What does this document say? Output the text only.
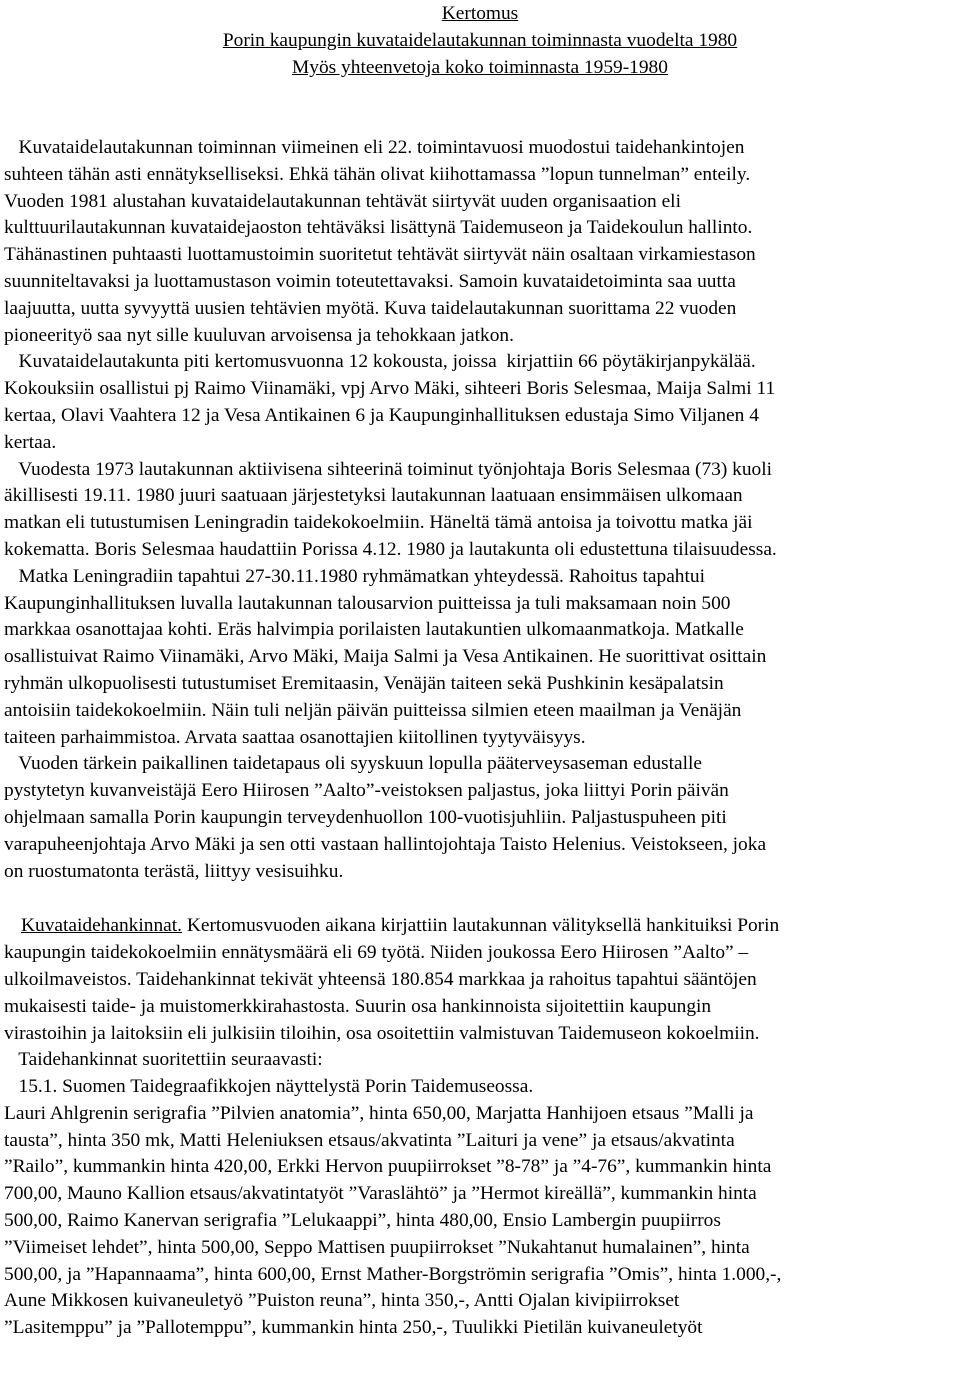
Kertomus
Porin kaupungin kuvataidelautakunnan toiminnasta vuodelta 1980
Myös yhteenvetoja koko toiminnasta 1959-1980
Kuvataidelautakunnan toiminnan viimeinen eli 22. toimintavuosi muodostui taidehankintojen
suhteen tähän asti ennätykselliseksi. Ehkä tähän olivat kiihottamassa ”lopun tunnelman” enteily.
Vuoden 1981 alustahan kuvataidelautakunnan tehtävät siirtyvät uuden organisaation eli
kulttuurilautakunnan kuvataidejaoston tehtäväksi lisättynä Taidemuseon ja Taidekoulun hallinto.
Tähänastinen puhtaasti luottamustoimin suoritetut tehtävät siirtyvät näin osaltaan virkamiestason
suunniteltavaksi ja luottamustason voimin toteutettavaksi. Samoin kuvataidetoiminta saa uutta
laajuutta, uutta syvyyttä uusien tehtävien myötä. Kuva taidelautakunnan suorittama 22 vuoden
pioneerityö saa nyt sille kuuluvan arvoisensa ja tehokkaan jatkon.
Kuvataidelautakunta piti kertomusvuonna 12 kokousta, joissa  kirjattiin 66 pöytäkirjanpykälää.
Kokouksiin osallistui pj Raimo Viinamäki, vpj Arvo Mäki, sihteeri Boris Selesmaa, Maija Salmi 11
kertaa, Olavi Vaahtera 12 ja Vesa Antikainen 6 ja Kaupunginhallituksen edustaja Simo Viljanen 4
kertaa.
Vuodesta 1973 lautakunnan aktiivisena sihteerinä toiminut työnjohtaja Boris Selesmaa (73) kuoli
äkillisesti 19.11. 1980 juuri saatuaan järjestetyksi lautakunnan laatuaan ensimmäisen ulkomaan
matkan eli tutustumisen Leningradin taidekokoelmiin. Häneltä tämä antoisa ja toivottu matka jäi
kokematta. Boris Selesmaa haudattiin Porissa 4.12. 1980 ja lautakunta oli edustettuna tilaisuudessa.
Matka Leningradiin tapahtui 27-30.11.1980 ryhmämatkan yhteydessä. Rahoitus tapahtui
Kaupunginhallituksen luvalla lautakunnan talousarvion puitteissa ja tuli maksamaan noin 500
markkaa osanottajaa kohti. Eräs halvimpia porilaisten lautakuntien ulkomaanmatkoja. Matkalle
osallistuivat Raimo Viinamäki, Arvo Mäki, Maija Salmi ja Vesa Antikainen. He suorittivat osittain
ryhmän ulkopuolisesti tutustumiset Eremitaasin, Venäjän taiteen sekä Pushkinin kesäpalatsin
antoisiin taidekokoelmiin. Näin tuli neljän päivän puitteissa silmien eteen maailman ja Venäjän
taiteen parhaimmistoa. Arvata saattaa osanottajien kiitollinen tyytyväisyys.
Vuoden tärkein paikallinen taidetapaus oli syyskuun lopulla pääterveysaseman edustalle
pystytetyn kuvanveistäjä Eero Hiirosen ”Aalto”-veistoksen paljastus, joka liittyi Porin päivän
ohjelmaan samalla Porin kaupungin terveydenhuollon 100-vuotisjuhliin. Paljastuspuheen piti
varapuheenjohtaja Arvo Mäki ja sen otti vastaan hallintojohtaja Taisto Helenius. Veistokseen, joka
on ruostumatonta terästä, liittyy vesisuihku.
Kuvataidehankinnat. Kertomusvuoden aikana kirjattiin lautakunnan välityksellä hankituiksi Porin
kaupungin taidekokoelmiin ennätysmäärä eli 69 työtä. Niiden joukossa Eero Hiirosen ”Aalto” –
ulkoilmaveistos. Taidehankinnat tekivät yhteensä 180.854 markkaa ja rahoitus tapahtui sääntöjen
mukaisesti taide- ja muistomerkkirahastosta. Suurin osa hankinnoista sijoitettiin kaupungin
virastoihin ja laitoksiin eli julkisiin tiloihin, osa osoitettiin valmistuvan Taidemuseon kokoelmiin.
Taidehankinnat suoritettiin seuraavasti:
15.1. Suomen Taidegraafikkojen näyttelystä Porin Taidemuseossa.
Lauri Ahlgrenin serigrafia ”Pilvien anatomia”, hinta 650,00, Marjatta Hanhijoen etsaus ”Malli ja
tausta”, hinta 350 mk, Matti Heleniuksen etsaus/akvatinta ”Laituri ja vene” ja etsaus/akvatinta
”Railo”, kummankin hinta 420,00, Erkki Hervon puupiirrokset ”8-78” ja ”4-76”, kummankin hinta
700,00, Mauno Kallion etsaus/akvatintatyöt ”Varaslähtö” ja ”Hermot kireällä”, kummankin hinta
500,00, Raimo Kanervan serigrafia ”Lelukaappi”, hinta 480,00, Ensio Lambergin puupiirros
”Viimeiset lehdet”, hinta 500,00, Seppo Mattisen puupiirrokset ”Nukahtanut humalainen”, hinta
500,00, ja ”Hapannaama”, hinta 600,00, Ernst Mather-Borgströmin serigrafia ”Omis”, hinta 1.000,-,
Aune Mikkosen kuivaneuletyö ”Puiston reuna”, hinta 350,-, Antti Ojalan kivipiirrokset
”Lasitemppu” ja ”Pallotemppu”, kummankin hinta 250,-, Tuulikki Pietilän kuivaneuletyöt
